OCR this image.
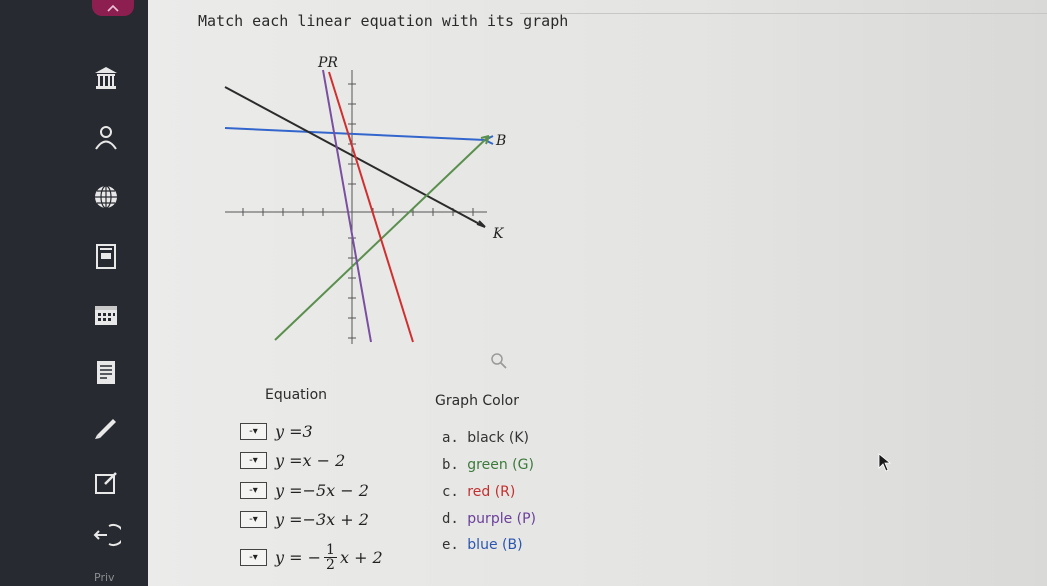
Priv
Match each linear equation with its graph
PR
B
K
Equation	Graph Color
- ▾	y = 3
- ▾	y = x − 2
- ▾	y = −5x − 2
- ▾	y = −3x + 2
- ▾	y = − $\frac{1}{2}$ x + 2
a. black (K)
b. green (G)
c. red (R)
d. purple (P)
e. blue (B)
